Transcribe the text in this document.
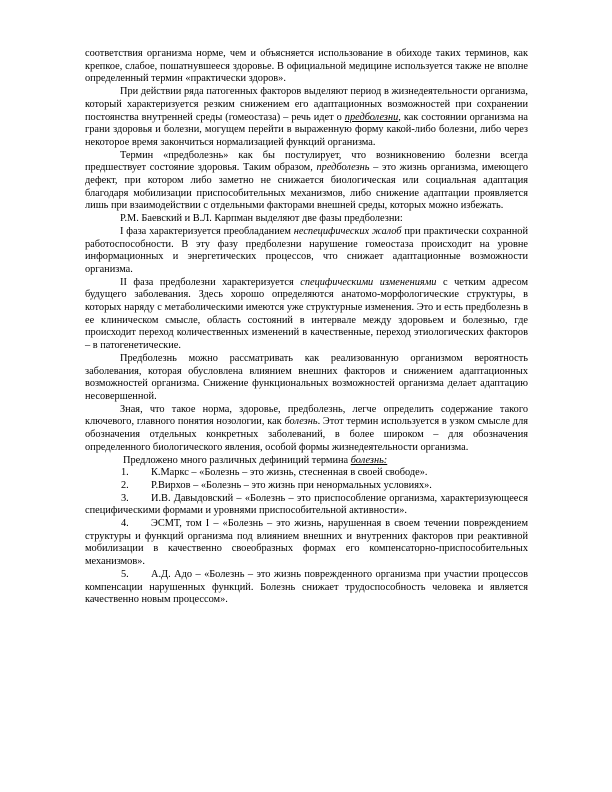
соответствия организма норме, чем и объясняется использование в обиходе таких терминов, как крепкое, слабое, пошатнувшееся здоровье. В официальной медицине используется также не вполне определенный термин «практически здоров».

При действии ряда патогенных факторов выделяют период в жизнедеятельности организма, который характеризуется резким снижением его адаптационных возможностей при сохранении постоянства внутренней среды (гомеостаза) – речь идет о предболезни, как состоянии организма на грани здоровья и болезни, могущем перейти в выраженную форму какой-либо болезни, либо через некоторое время закончиться нормализацией функций организма.

Термин «предболезнь» как бы постулирует, что возникновению болезни всегда предшествует состояние здоровья. Таким образом, предболезнь – это жизнь организма, имеющего дефект, при котором либо заметно не снижается биологическая или социальная адаптация благодаря мобилизации приспособительных механизмов, либо снижение адаптации проявляется лишь при взаимодействии с отдельными факторами внешней среды, которых можно избежать.

Р.М. Баевский и В.Л. Карпман выделяют две фазы предболезни:

I фаза характеризуется преобладанием неспецифических жалоб при практически сохранной работоспособности. В эту фазу предболезни нарушение гомеостаза происходит на уровне информационных и энергетических процессов, что снижает адаптационные возможности организма.

II фаза предболезни характеризуется специфическими изменениями с четким адресом будущего заболевания. Здесь хорошо определяются анатомо-морфологические структуры, в которых наряду с метаболическими имеются уже структурные изменения. Это и есть предболезнь в ее клиническом смысле, область состояний в интервале между здоровьем и болезнью, где происходит переход количественных изменений в качественные, переход этиологических факторов – в патогенетические.

Предболезнь можно рассматривать как реализованную организмом вероятность заболевания, которая обусловлена влиянием внешних факторов и снижением адаптационных возможностей организма. Снижение функциональных возможностей организма делает адаптацию несовершенной.

Зная, что такое норма, здоровье, предболезнь, легче определить содержание такого ключевого, главного понятия нозологии, как болезнь. Этот термин используется в узком смысле для обозначения отдельных конкретных заболеваний, в более широком – для обозначения определенного биологического явления, особой формы жизнедеятельности организма.

Предложено много различных дефиниций термина болезнь:

1. К.Маркс – «Болезнь – это жизнь, стесненная в своей свободе».

2. Р.Вирхов – «Болезнь – это жизнь при ненормальных условиях».

3. И.В. Давыдовский – «Болезнь – это приспособление организма, характеризующееся специфическими формами и уровнями приспособительной активности».

4. ЭСМТ, том I – «Болезнь – это жизнь, нарушенная в своем течении повреждением структуры и функций организма под влиянием внешних и внутренних факторов при реактивной мобилизации в качественно своеобразных формах его компенсаторно-приспособительных механизмов».

5. А.Д. Адо – «Болезнь – это жизнь поврежденного организма при участии процессов компенсации нарушенных функций. Болезнь снижает трудоспособность человека и является качественно новым процессом».
